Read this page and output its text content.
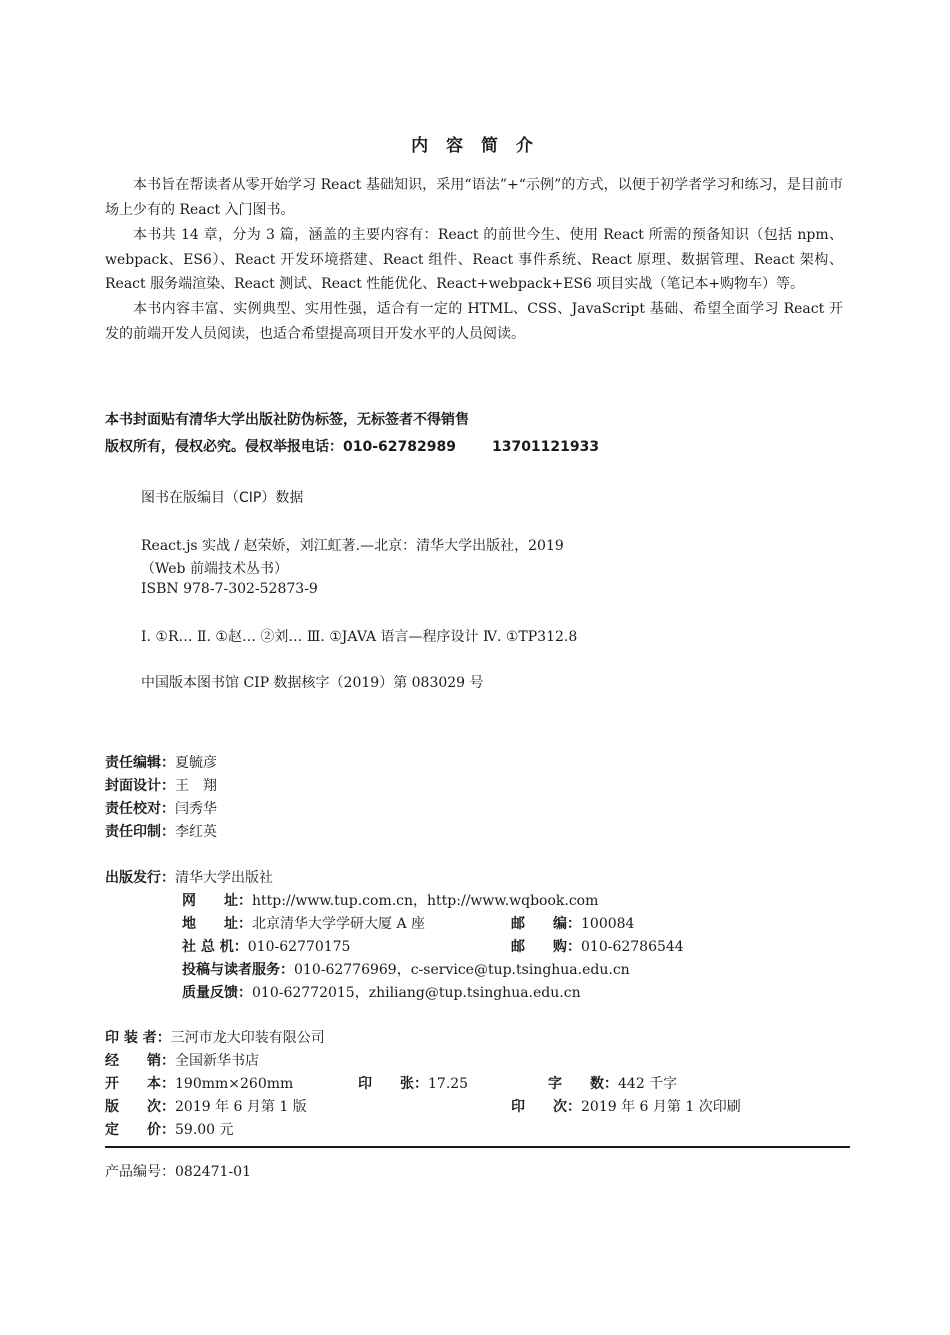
内 容 简 介
本书旨在帮读者从零开始学习 React 基础知识，采用“语法”+“示例”的方式，以便于初学者学习和练习，是目前市场上少有的 React 入门图书。
本书共 14 章，分为 3 篇，涵盖的主要内容有：React 的前世今生、使用 React 所需的预备知识（包括 npm、webpack、ES6）、React 开发环境搭建、React 组件、React 事件系统、React 原理、数据管理、React 架构、React 服务端渲染、React 测试、React 性能优化、React+webpack+ES6 项目实战（笔记本+购物车）等。
本书内容丰富、实例典型、实用性强，适合有一定的 HTML、CSS、JavaScript 基础、希望全面学习 React 开发的前端开发人员阅读，也适合希望提高项目开发水平的人员阅读。
本书封面贴有清华大学出版社防伪标签，无标签者不得销售
版权所有，侵权必究。侵权举报电话：010-62782989	13701121933
图书在版编目（CIP）数据
React.js 实战 / 赵荣娇，刘江虹著.—北京：清华大学出版社，2019
（Web 前端技术丛书）
ISBN 978-7-302-52873-9
Ⅰ. ①R… Ⅱ. ①赵… ②刘… Ⅲ. ①JAVA 语言—程序设计 Ⅳ. ①TP312.8
中国版本图书馆 CIP 数据核字（2019）第 083029 号
责任编辑：夏毓彦
封面设计：王　翔
责任校对：闫秀华
责任印制：李红英
出版发行：清华大学出版社
网　　址：http://www.tup.com.cn，http://www.wqbook.com
地　　址：北京清华大学学研大厦 A 座	邮　　编：100084
社 总 机：010-62770175	邮　　购：010-62786544
投稿与读者服务：010-62776969，c-service@tup.tsinghua.edu.cn
质量反馈：010-62772015，zhiliang@tup.tsinghua.edu.cn
印 装 者：三河市龙大印装有限公司
经　　销：全国新华书店
开　　本：190mm×260mm	印　　张：17.25	字　　数：442 千字
版　　次：2019 年 6 月第 1 版	印　　次：2019 年 6 月第 1 次印刷
定　　价：59.00 元
产品编号：082471-01
